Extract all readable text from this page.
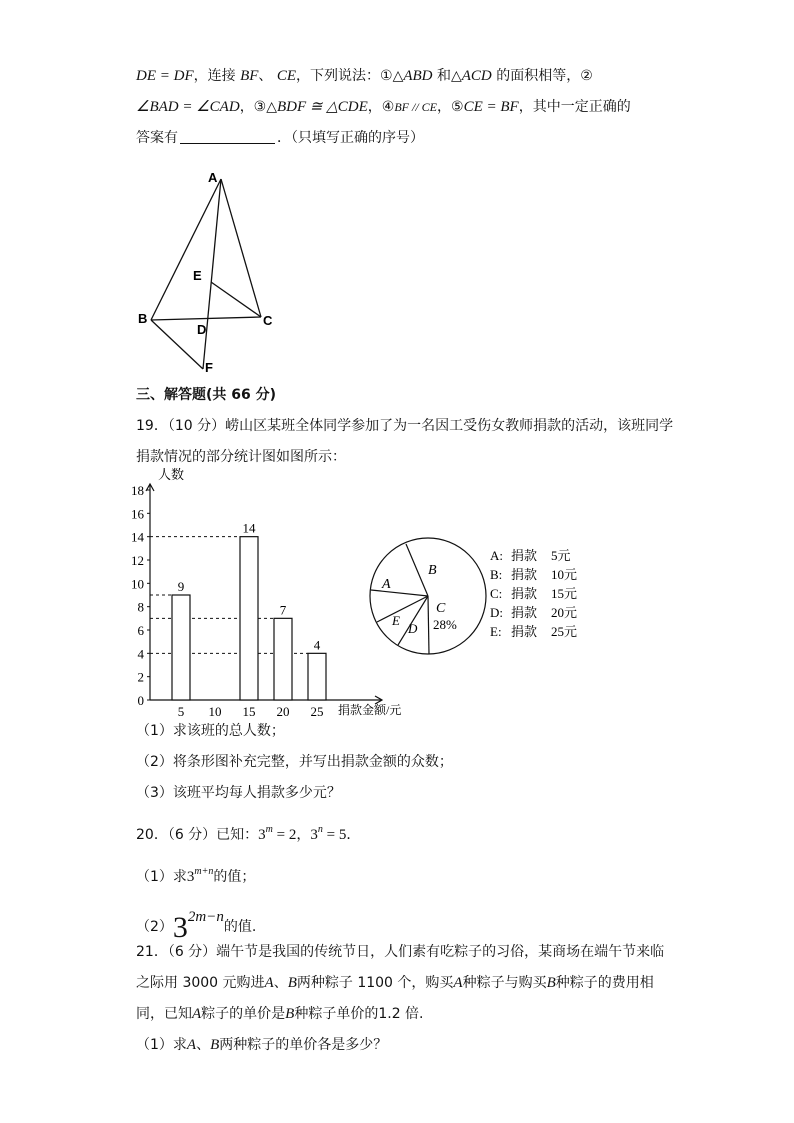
DE = DF，连接 BF、 CE，下列说法：①△ABD 和△ACD 的面积相等，②
∠BAD = ∠CAD，③△BDF ≅ △CDE，④BF // CE，⑤CE = BF，其中一定正确的
答案有	．（只填写正确的序号）
A
B	C
D
E
F
三、解答题(共 66 分)
19．（10 分）崂山区某班全体同学参加了为一名因工受伤女教师捐款的活动，该班同学
捐款情况的部分统计图如图所示：
0
2
4
6
8
10
12
14
16
18
5 10 15 20 25
9
14
7
4
人数
捐款金额/元
A
B
C
28%
D
E
A: 捐款 5元
B: 捐款 10元
C: 捐款 15元
D: 捐款 20元
E: 捐款 25元
（1）求该班的总人数；
（2）将条形图补充完整，并写出捐款金额的众数；
（3）该班平均每人捐款多少元？
20．（6 分）已知：$3^m = 2$，$3^n = 5$．
（1）求$3^{m+n}$的值；
（2）32m−n的值.
21．（6 分）端午节是我国的传统节日，人们素有吃粽子的习俗，某商场在端午节来临
之际用 3000 元购进A、B两种粽子 1100 个，购买A种粽子与购买B种粽子的费用相
同，已知A粽子的单价是B种粽子单价的1.2 倍.
（1）求A、B两种粽子的单价各是多少？
